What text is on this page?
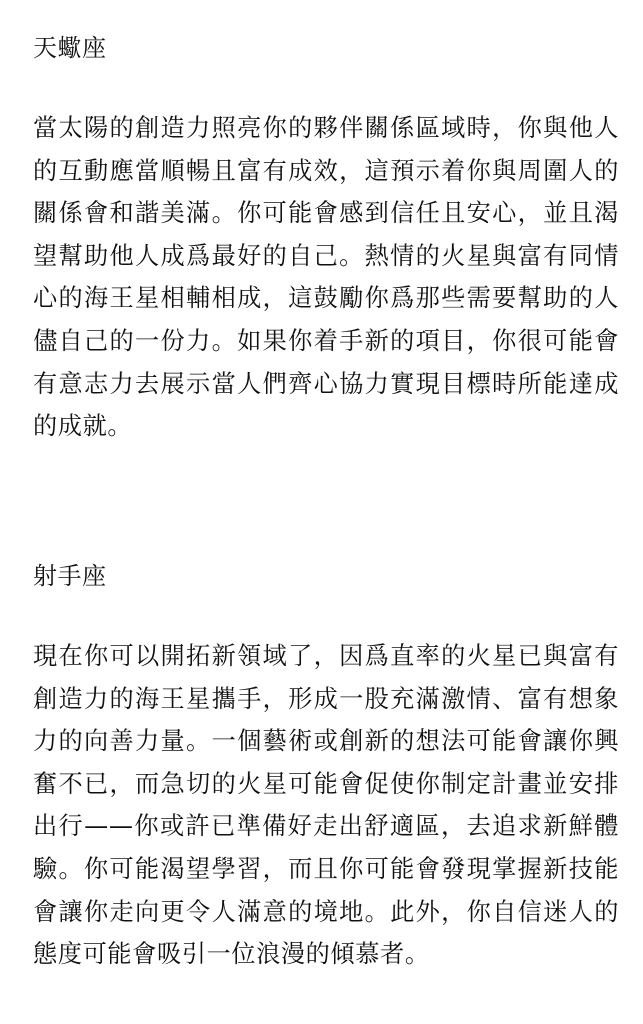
天蠍座

當太陽的創造力照亮你的夥伴關係區域時，你與他人的互動應當順暢且富有成效，這預示着你與周圍人的關係會和諧美滿。你可能會感到信任且安心，並且渴望幫助他人成爲最好的自己。熱情的火星與富有同情心的海王星相輔相成，這鼓勵你爲那些需要幫助的人儘自己的一份力。如果你着手新的項目，你很可能會有意志力去展示當人們齊心協力實現目標時所能達成的成就。

射手座

現在你可以開拓新領域了，因爲直率的火星已與富有創造力的海王星攜手，形成一股充滿激情、富有想象力的向善力量。一個藝術或創新的想法可能會讓你興奮不已，而急切的火星可能會促使你制定計畫並安排出行——你或許已準備好走出舒適區，去追求新鮮體驗。你可能渴望學習，而且你可能會發現掌握新技能會讓你走向更令人滿意的境地。此外，你自信迷人的態度可能會吸引一位浪漫的傾慕者。
